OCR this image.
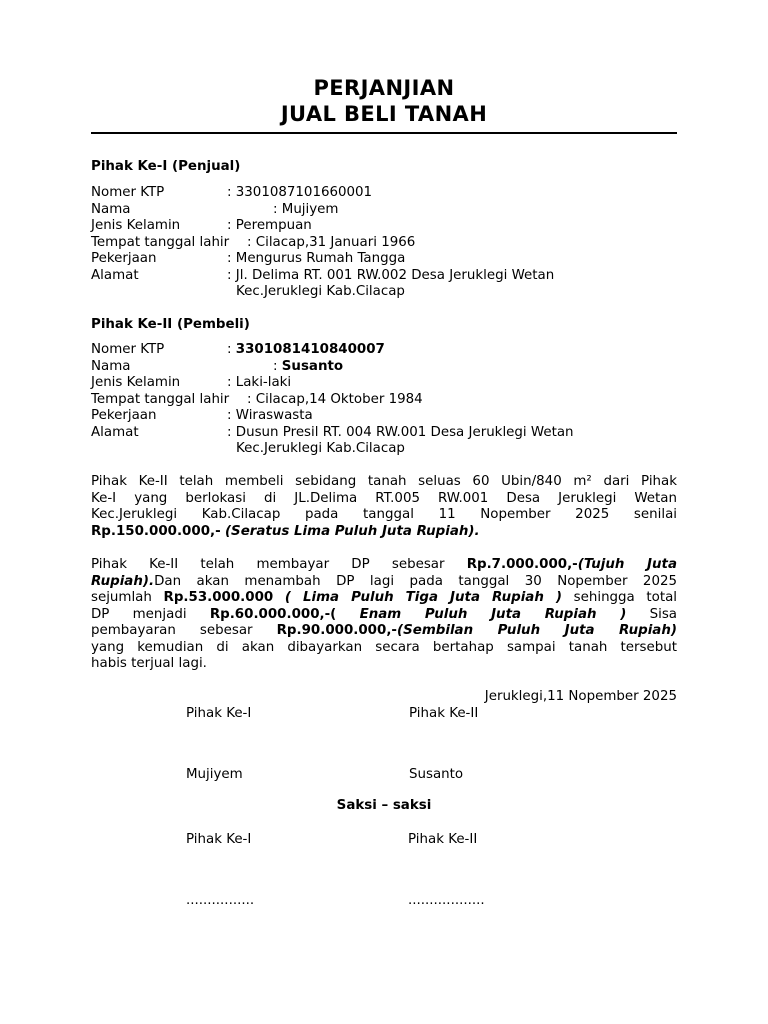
PERJANJIAN
JUAL BELI TANAH
Pihak Ke-I (Penjual)
Nomer KTP	: 3301087101660001
Nama	: Mujiyem
Jenis Kelamin	: Perempuan
Tempat tanggal lahir : Cilacap,31 Januari 1966
Pekerjaan	: Mengurus Rumah Tangga
Alamat	: Jl. Delima RT. 001 RW.002 Desa Jeruklegi Wetan
Kec.Jeruklegi Kab.Cilacap
Pihak Ke-II (Pembeli)
Nomer KTP	: 3301081410840007
Nama	: Susanto
Jenis Kelamin	: Laki-laki
Tempat tanggal lahir : Cilacap,14 Oktober 1984
Pekerjaan	: Wiraswasta
Alamat	: Dusun Presil RT. 004 RW.001 Desa Jeruklegi Wetan
Kec.Jeruklegi Kab.Cilacap
Pihak Ke-II telah membeli sebidang tanah seluas 60 Ubin/840 m² dari Pihak
Ke-I yang berlokasi di JL.Delima RT.005 RW.001 Desa Jeruklegi Wetan
Kec.Jeruklegi Kab.Cilacap pada tanggal 11 Nopember 2025 senilai
Rp.150.000.000,- (Seratus Lima Puluh Juta Rupiah).
Pihak Ke-II telah membayar DP sebesar Rp.7.000.000,-(Tujuh Juta
Rupiah).Dan akan menambah DP lagi pada tanggal 30 Nopember 2025
sejumlah Rp.53.000.000 ( Lima Puluh Tiga Juta Rupiah ) sehingga total
DP menjadi Rp.60.000.000,-( Enam Puluh Juta Rupiah ) Sisa
pembayaran sebesar Rp.90.000.000,-(Sembilan Puluh Juta Rupiah)
yang kemudian di akan dibayarkan secara bertahap sampai tanah tersebut
habis terjual lagi.
Jeruklegi,11 Nopember 2025
Pihak Ke-I	Pihak Ke-II
Mujiyem	Susanto
Saksi – saksi
Pihak Ke-I	Pihak Ke-II
................	..................
